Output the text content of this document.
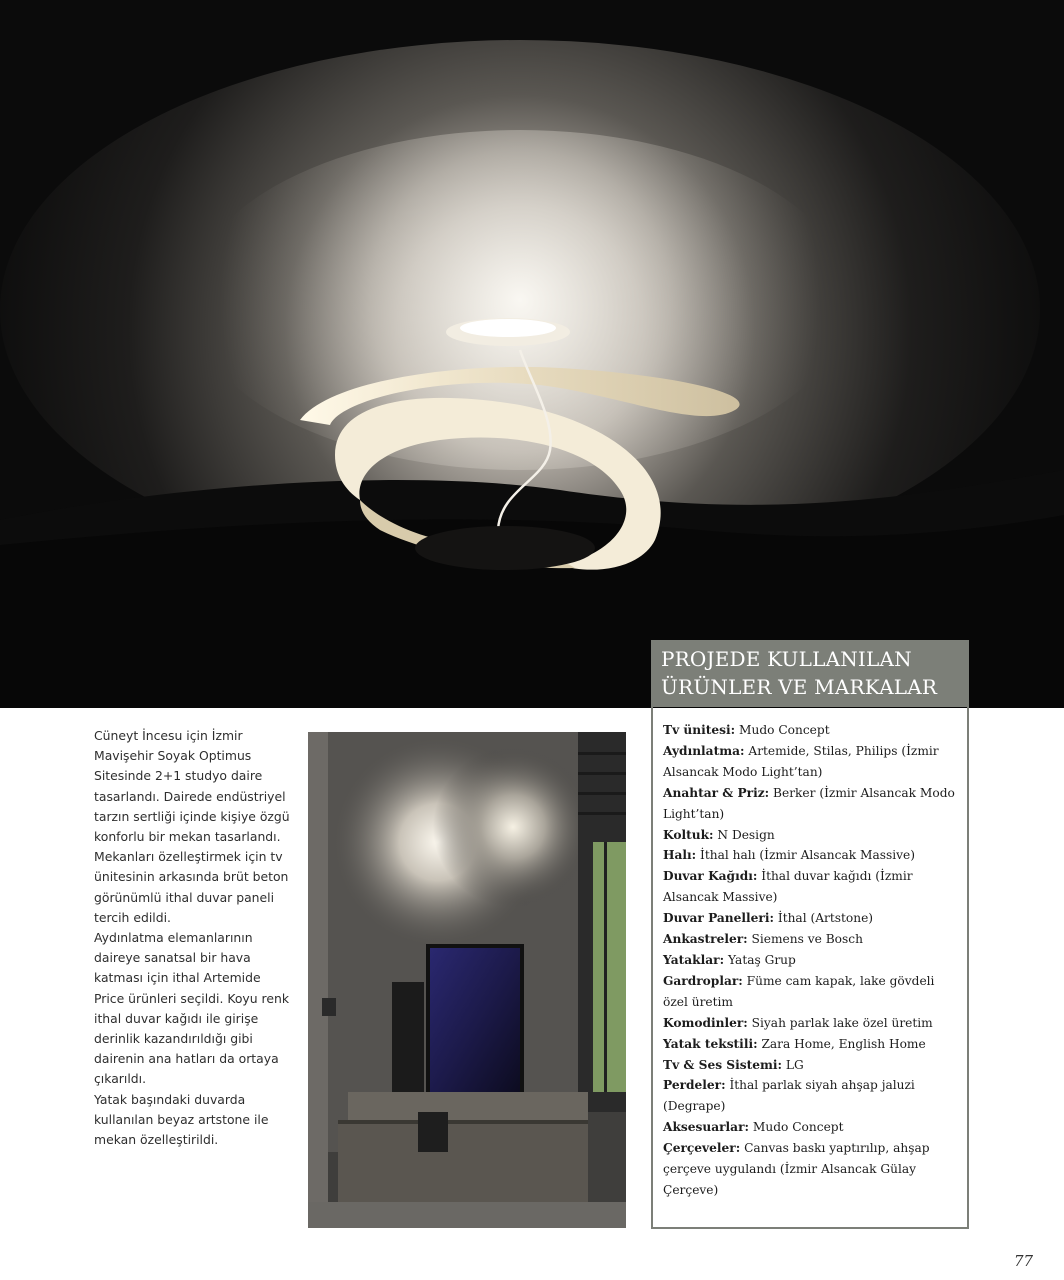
PROJEDE KULLANILAN
ÜRÜNLER VE MARKALAR

Cüneyt İncesu için İzmir Mavişehir Soyak Optimus Sitesinde 2+1 studyo daire tasarlandı. Dairede endüstriyel tarzın sertliği içinde kişiye özgü konforlu bir mekan tasarlandı. Mekanları özelleştirmek için tv ünitesinin arkasında brüt beton görünümlü ithal duvar paneli tercih edildi.

Aydınlatma elemanlarının daireye sanatsal bir hava katması için ithal Artemide Price ürünleri seçildi. Koyu renk ithal duvar kağıdı ile girişe derinlik kazandırıldığı gibi dairenin ana hatları da ortaya çıkarıldı.

Yatak başındaki duvarda kullanılan beyaz artstone ile mekan özelleştirildi.

Tv ünitesi: Mudo Concept
Aydınlatma: Artemide, Stilas, Philips (İzmir Alsancak Modo Light’tan)
Anahtar & Priz: Berker (İzmir Alsancak Modo Light’tan)
Koltuk: N Design
Halı: İthal halı (İzmir Alsancak Massive)
Duvar Kağıdı: İthal duvar kağıdı (İzmir Alsancak Massive)
Duvar Panelleri: İthal (Artstone)
Ankastreler: Siemens ve Bosch
Yataklar: Yataş Grup
Gardroplar: Füme cam kapak, lake gövdeli özel üretim
Komodinler: Siyah parlak lake özel üretim
Yatak tekstili: Zara Home, English Home
Tv & Ses Sistemi: LG
Perdeler: İthal parlak siyah ahşap jaluzi (Degrape)
Aksesuarlar: Mudo Concept
Çerçeveler: Canvas baskı yaptırılıp, ahşap çerçeve uygulandı (İzmir Alsancak Gülay Çerçeve)
77
